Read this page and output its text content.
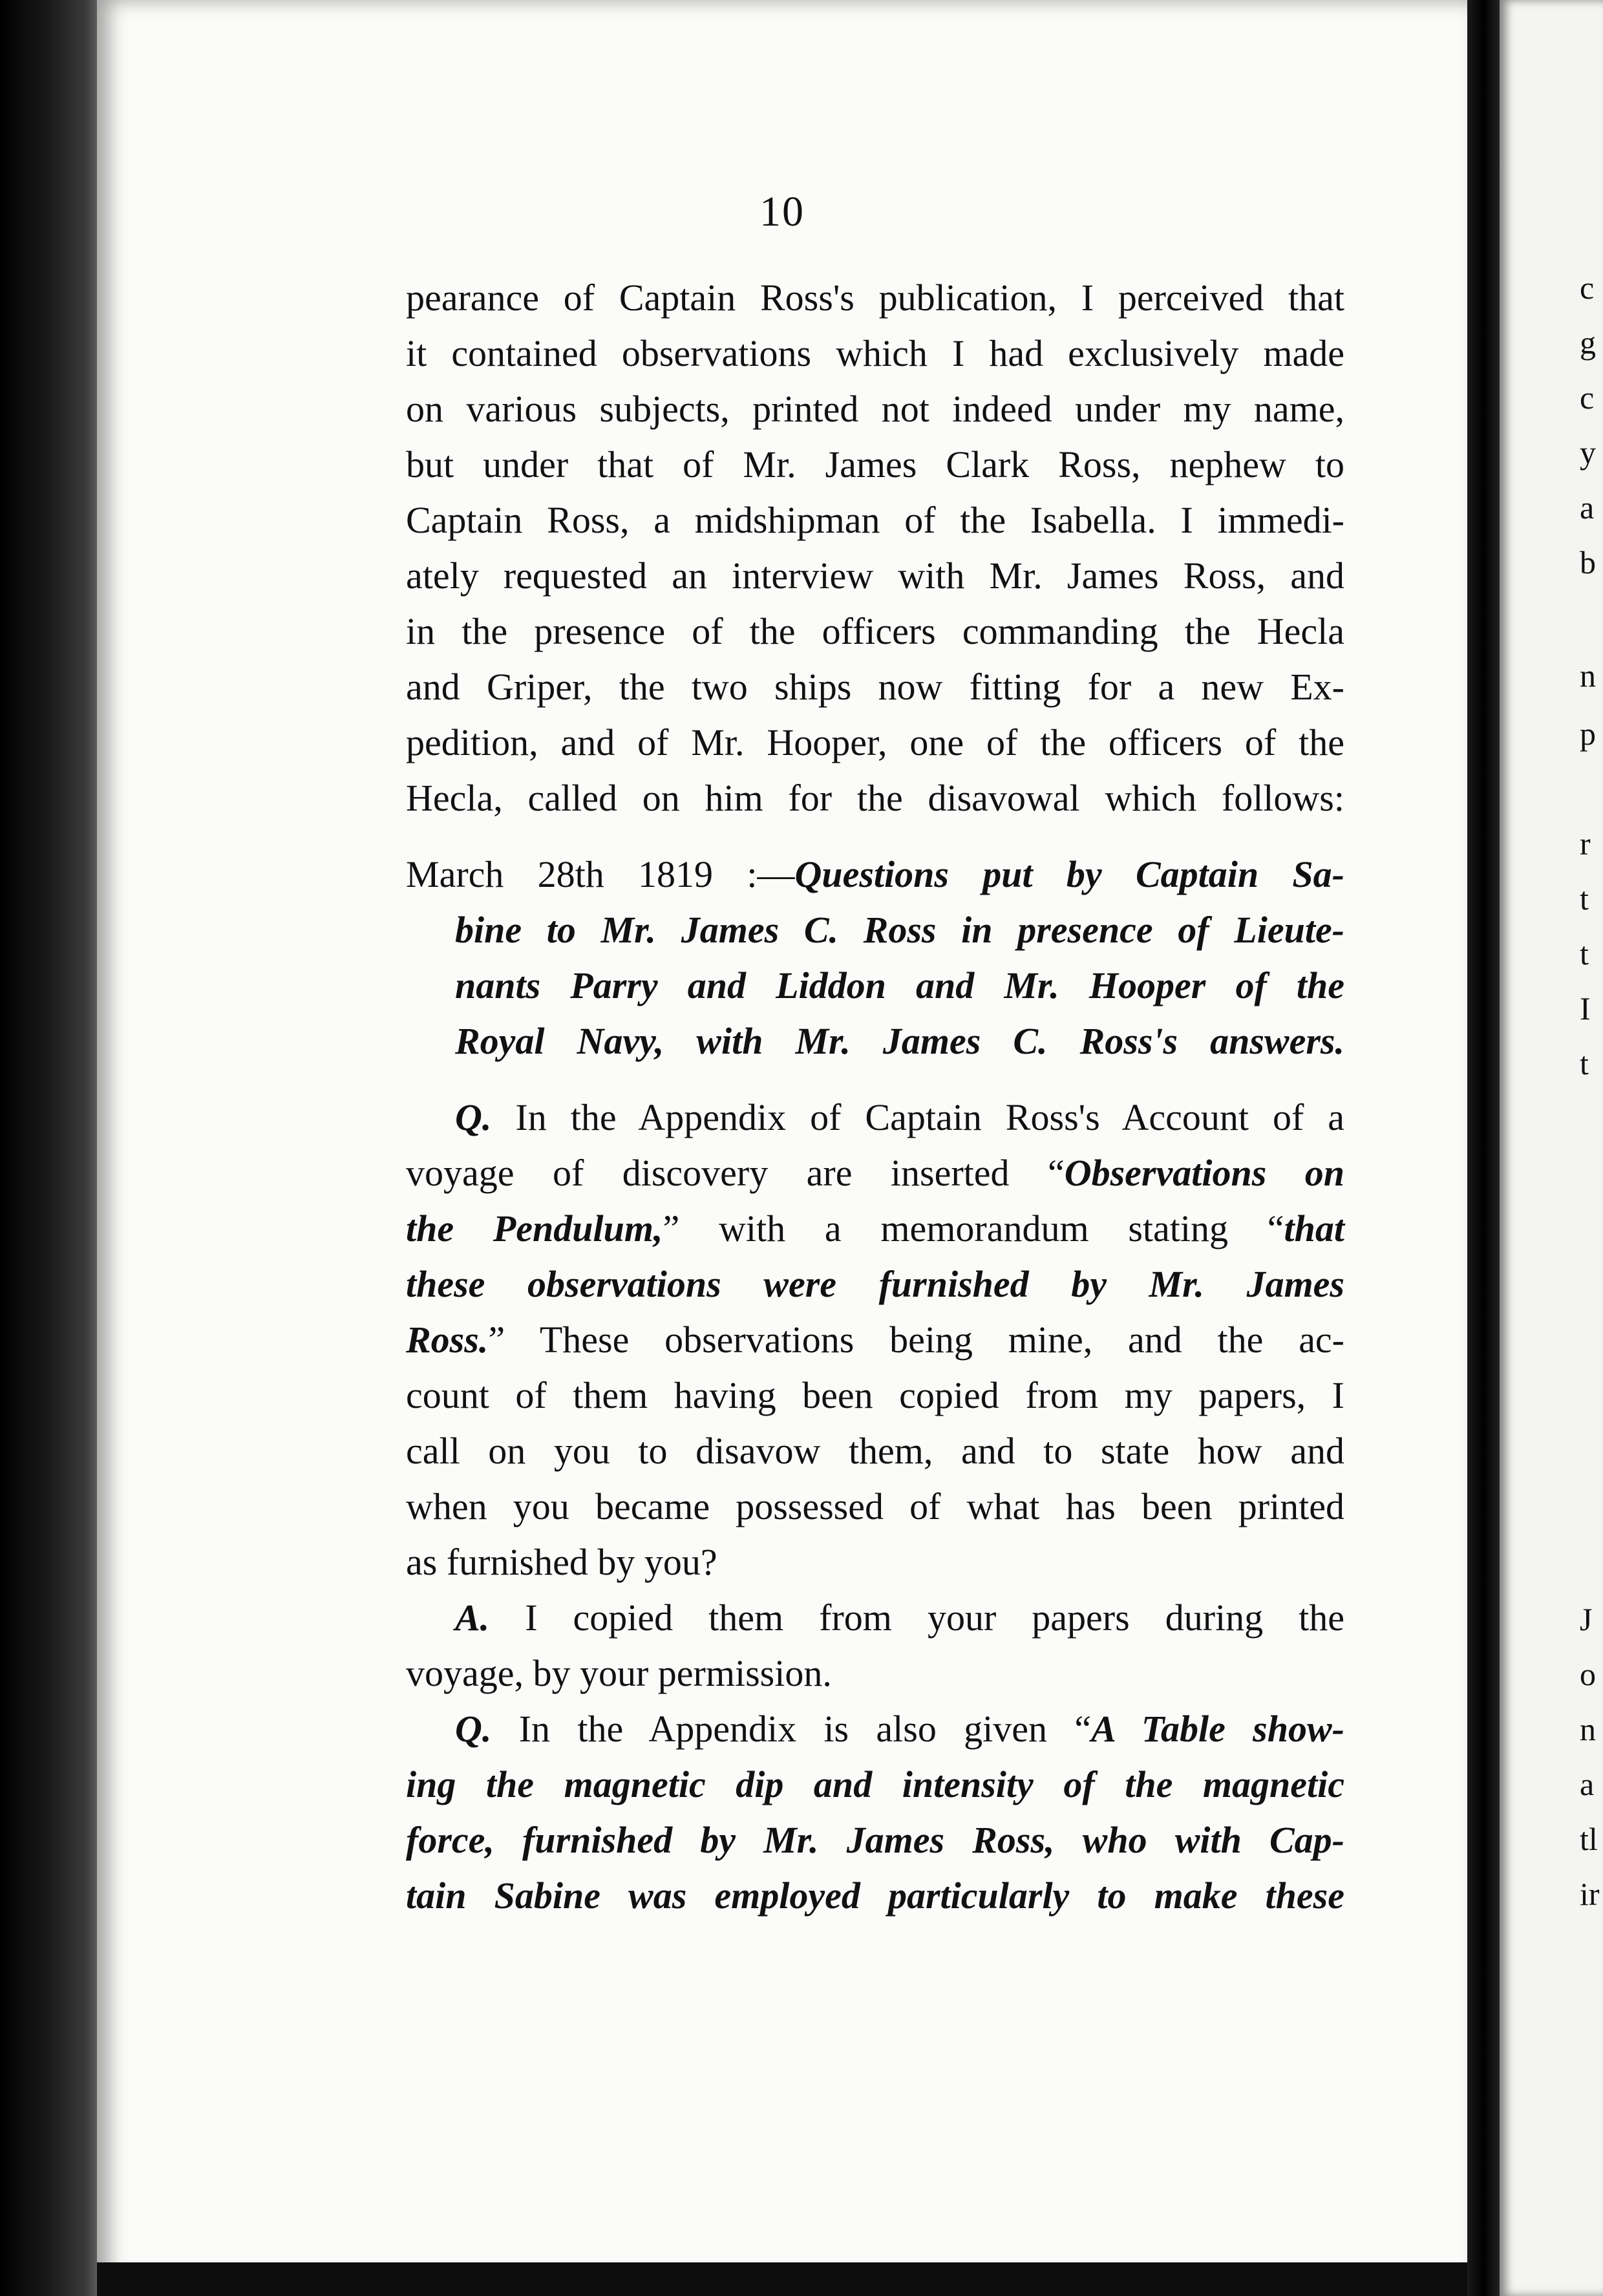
10
pearance of Captain Ross's publication, I perceived that
it contained observations which I had exclusively made
on various subjects, printed not indeed under my name,
but under that of Mr. James Clark Ross, nephew to
Captain Ross, a midshipman of the Isabella. I immedi-
ately requested an interview with Mr. James Ross, and
in the presence of the officers commanding the Hecla
and Griper, the two ships now fitting for a new Ex-
pedition, and of Mr. Hooper, one of the officers of the
Hecla, called on him for the disavowal which follows:
March 28th 1819 :—Questions put by Captain Sa-
bine to Mr. James C. Ross in presence of Lieute-
nants Parry and Liddon and Mr. Hooper of the
Royal Navy, with Mr. James C. Ross's answers.
Q. In the Appendix of Captain Ross's Account of a
voyage of discovery are inserted “Observations on
the Pendulum,” with a memorandum stating “that
these observations were furnished by Mr. James
Ross.” These observations being mine, and the ac-
count of them having been copied from my papers, I
call on you to disavow them, and to state how and
when you became possessed of what has been printed
as furnished by you?
A. I copied them from your papers during the
voyage, by your permission.
Q. In the Appendix is also given “A Table show-
ing the magnetic dip and intensity of the magnetic
force, furnished by Mr. James Ross, who with Cap-
tain Sabine was employed particularly to make these
c
g
c
y
a
b
n
p
r
t
t
I
t
J
o
n
a
tl
ir
